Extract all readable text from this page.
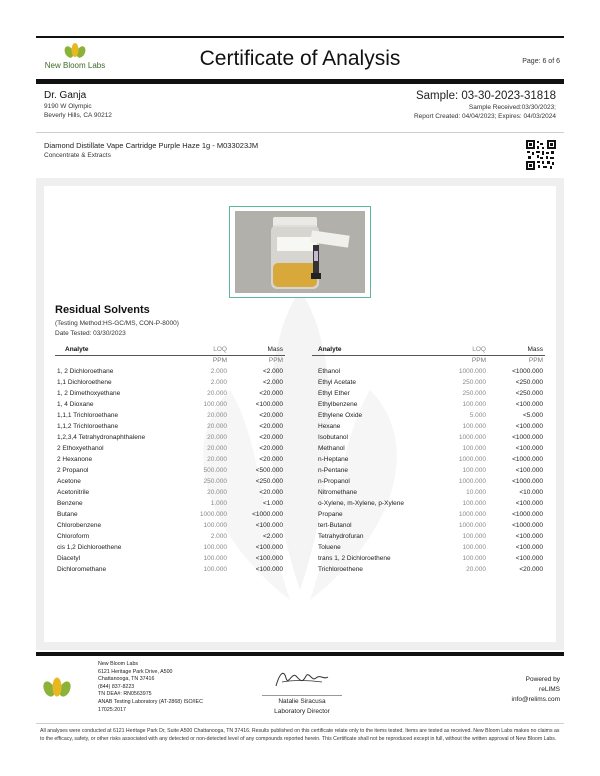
New Bloom Labs	Certificate of Analysis	Page: 6 of 6
Dr. Ganja
9190 W Olympic
Beverly Hills, CA 90212
Sample: 03-30-2023-31818
Sample Received:03/30/2023;
Report Created: 04/04/2023; Expires: 04/03/2024
Diamond Distillate Vape Cartridge Purple Haze 1g - M033023JM
Concentrate & Extracts
Residual Solvents
(Testing Method:HS-GC/MS, CON-P-8000)
Date Tested: 03/30/2023
Analyte	LOQ	Mass
	PPM	PPM
1, 2 Dichloroethane	2.000	<2.000
1,1 Dichloroethene	2.000	<2.000
1, 2 Dimethoxyethane	20.000	<20.000
1, 4 Dioxane	100.000	<100.000
1,1,1 Trichloroethane	20.000	<20.000
1,1,2 Trichloroethane	20.000	<20.000
1,2,3,4 Tetrahydronaphthalene	20.000	<20.000
2 Ethoxyethanol	20.000	<20.000
2 Hexanone	20.000	<20.000
2 Propanol	500.000	<500.000
Acetone	250.000	<250.000
Acetonitrile	20.000	<20.000
Benzene	1.000	<1.000
Butane	1000.000	<1000.000
Chlorobenzene	100.000	<100.000
Chloroform	2.000	<2.000
cis 1,2 Dichloroethene	100.000	<100.000
Diacetyl	100.000	<100.000
Dichloromethane	100.000	<100.000
Analyte	LOQ	Mass
	PPM	PPM
Ethanol	1000.000	<1000.000
Ethyl Acetate	250.000	<250.000
Ethyl Ether	250.000	<250.000
Ethylbenzene	100.000	<100.000
Ethylene Oxide	5.000	<5.000
Hexane	100.000	<100.000
Isobutanol	1000.000	<1000.000
Methanol	100.000	<100.000
n-Heptane	1000.000	<1000.000
n-Pentane	100.000	<100.000
n-Propanol	1000.000	<1000.000
Nitromethane	10.000	<10.000
o-Xylene, m-Xylene, p-Xylene	100.000	<100.000
Propane	1000.000	<1000.000
tert-Butanol	1000.000	<1000.000
Tetrahydrofuran	100.000	<100.000
Toluene	100.000	<100.000
trans 1, 2 Dichloroethene	100.000	<100.000
Trichloroethene	20.000	<20.000
New Bloom Labs
6121 Heritage Park Drive, A500
Chattanooga, TN 37416
(844) 837-8223
TN DEA#: RN0563975
ANAB Testing Laboratory (AT-2868) ISO/IEC
17025:2017
Natalie Siracusa
Laboratory Director
Powered by
reLIMS
info@relims.com
All analyses were conducted at 6121 Heritage Park Dr, Suite A500 Chattanooga, TN 37416. Results published on this certificate relate only to the items tested. Items are tested as received. New Bloom Labs makes no claims as to the efficacy, safety, or other risks associated with any detected or non-detected level of any compounds reported herein. This Certificate shall not be reproduced except in full, without the written approval of New Bloom Labs.
